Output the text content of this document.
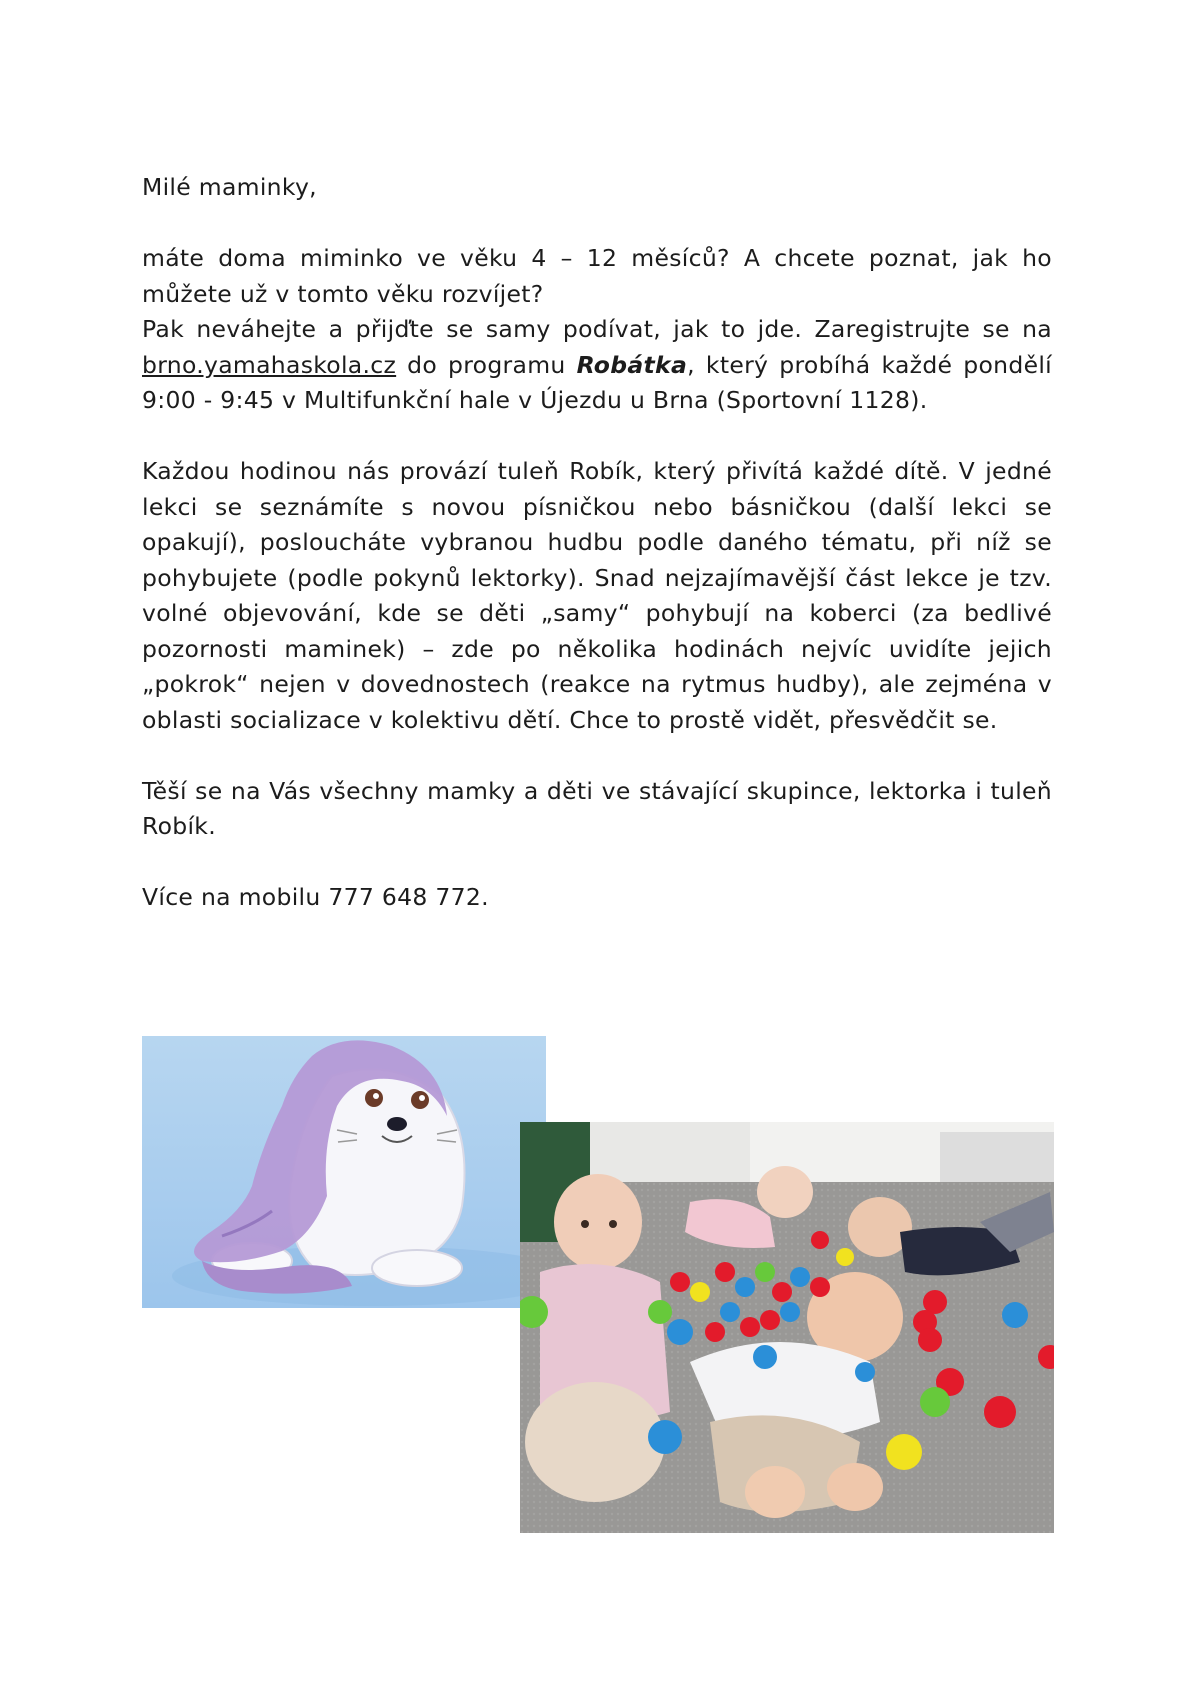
Milé maminky,

máte doma miminko ve věku 4 – 12 měsíců? A chcete poznat, jak ho můžete už v tomto věku rozvíjet?
Pak neváhejte a přijďte se samy podívat, jak to jde. Zaregistrujte se na brno.yamahaskola.cz do programu Robátka, který probíhá každé pondělí 9:00 - 9:45 v Multifunkční hale v Újezdu u Brna (Sportovní 1128).

Každou hodinou nás provází tuleň Robík, který přivítá každé dítě. V jedné lekci se seznámíte s novou písničkou nebo básničkou (další lekci se opakují), posloucháte vybranou hudbu podle daného tématu, při níž se pohybujete (podle pokynů lektorky). Snad nejzajímavější část lekce je tzv. volné objevování, kde se děti „samy“ pohybují na koberci (za bedlivé pozornosti maminek) – zde po několika hodinách nejvíc uvidíte jejich „pokrok“ nejen v dovednostech (reakce na rytmus hudby), ale zejména v oblasti socializace v kolektivu dětí. Chce to prostě vidět, přesvědčit se.

Těší se na Vás všechny mamky a děti ve stávající skupince, lektorka i tuleň Robík.

Více na mobilu 777 648 772.
